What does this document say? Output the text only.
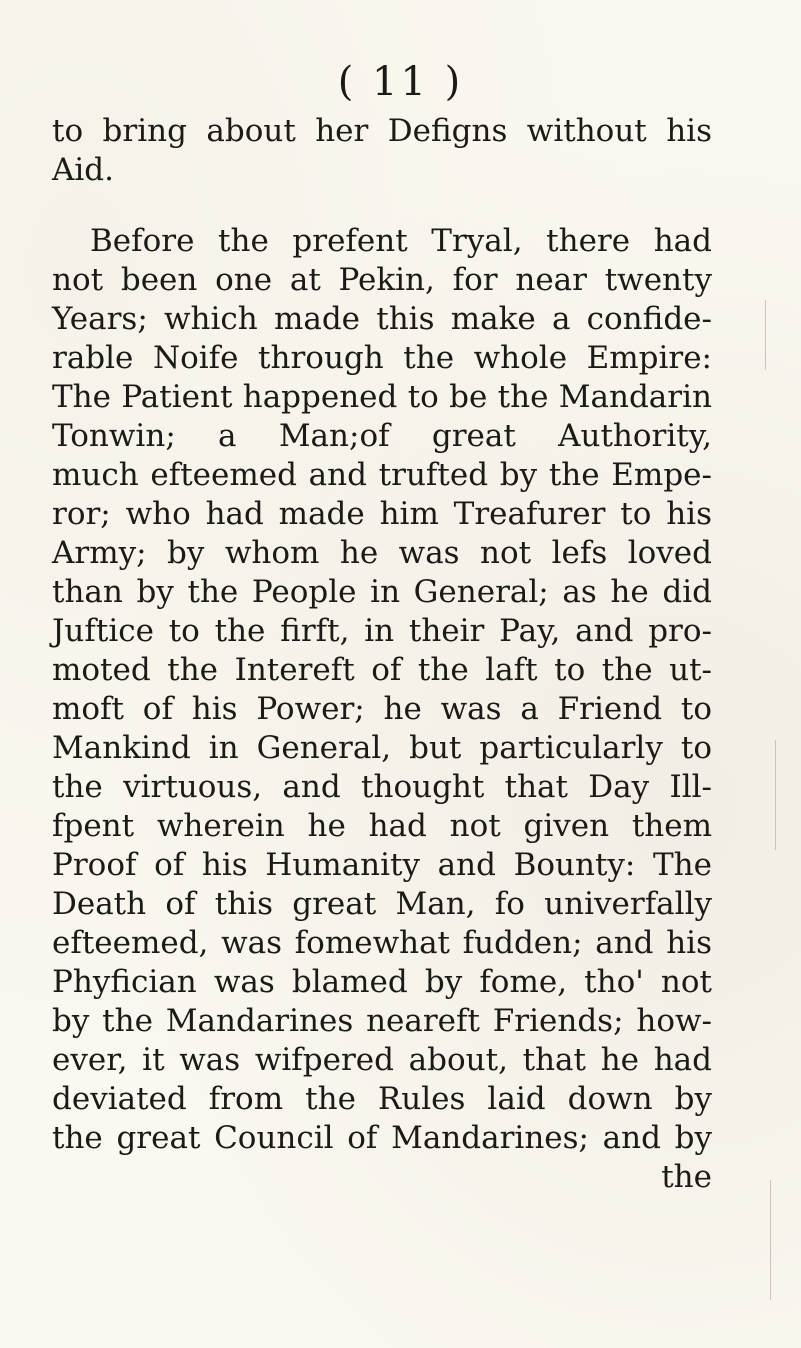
( 11 )
to bring about her Defigns without his
Aid.
Before the prefent Tryal, there had
not been one at Pekin, for near twenty
Years; which made this make a confide-
rable Noife through the whole Empire:
The Patient happened to be the Mandarin
Tonwin; a Man;of great Authority,
much efteemed and trufted by the Empe-
ror; who had made him Treafurer to his
Army; by whom he was not lefs loved
than by the People in General; as he did
Juftice to the firft, in their Pay, and pro-
moted the Intereft of the laft to the ut-
moft of his Power; he was a Friend to
Mankind in General, but particularly to
the virtuous, and thought that Day Ill-
fpent wherein he had not given them
Proof of his Humanity and Bounty: The
Death of this great Man, fo univerfally
efteemed, was fomewhat fudden; and his
Phyfician was blamed by fome, tho' not
by the Mandarines neareft Friends; how-
ever, it was wifpered about, that he had
deviated from the Rules laid down by
the great Council of Mandarines; and by
the
